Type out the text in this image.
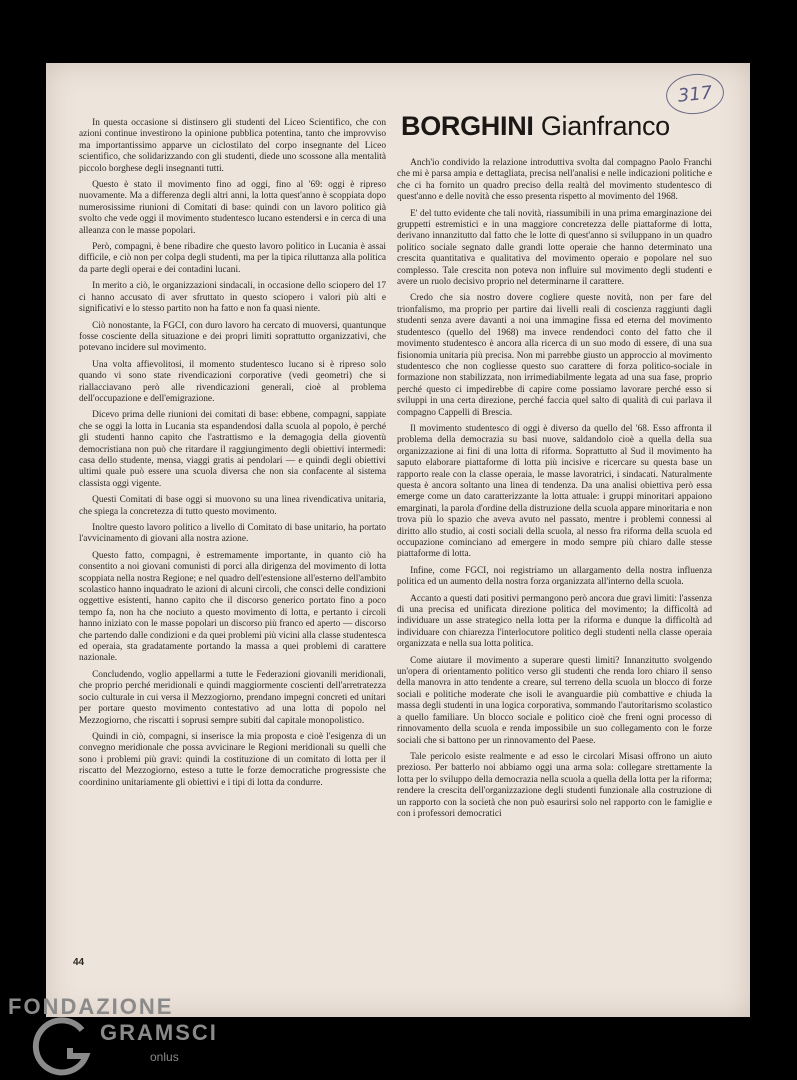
317

In questa occasione si distinsero gli studenti del Liceo Scientifico, che con azioni continue investirono la opinione pubblica potentina, tanto che improvviso ma importantissimo apparve un ciclostilato del corpo insegnante del Liceo scientifico, che solidarizzando con gli studenti, diede uno scossone alla mentalità piccolo borghese degli insegnanti tutti.

Questo è stato il movimento fino ad oggi, fino al '69: oggi è ripreso nuovamente. Ma a differenza degli altri anni, la lotta quest'anno è scoppiata dopo numerosissime riunioni di Comitati di base: quindi con un lavoro politico già svolto che vede oggi il movimento studentesco lucano estendersi e in cerca di una alleanza con le masse popolari.

Però, compagni, è bene ribadire che questo lavoro politico in Lucania è assai difficile, e ciò non per colpa degli studenti, ma per la tipica riluttanza alla politica da parte degli operai e dei contadini lucani.

In merito a ciò, le organizzazioni sindacali, in occasione dello sciopero del 17 ci hanno accusato di aver sfruttato in questo sciopero i valori più alti e significativi e lo stesso partito non ha fatto e non fa quasi niente.

Ciò nonostante, la FGCI, con duro lavoro ha cercato di muoversi, quantunque fosse cosciente della situazione e dei propri limiti soprattutto organizzativi, che potevano incidere sul movimento.

Una volta affievolitosi, il momento studentesco lucano si è ripreso solo quando vi sono state rivendicazioni corporative (vedi geometri) che si riallacciavano però alle rivendicazioni generali, cioè al problema dell'occupazione e dell'emigrazione.

Dicevo prima delle riunioni dei comitati di base: ebbene, compagni, sappiate che se oggi la lotta in Lucania sta espandendosi dalla scuola al popolo, è perché gli studenti hanno capito che l'astrattismo e la demagogia della gioventù democristiana non può che ritardare il raggiungimento degli obiettivi intermedi: casa dello studente, mensa, viaggi gratis ai pendolari — e quindi degli obiettivi ultimi quale può essere una scuola diversa che non sia confacente al sistema classista oggi vigente.

Questi Comitati di base oggi si muovono su una linea rivendicativa unitaria, che spiega la concretezza di tutto questo movimento.

Inoltre questo lavoro politico a livello di Comitato di base unitario, ha portato l'avvicinamento di giovani alla nostra azione.

Questo fatto, compagni, è estremamente importante, in quanto ciò ha consentito a noi giovani comunisti di porci alla dirigenza del movimento di lotta scoppiata nella nostra Regione; e nel quadro dell'estensione all'esterno dell'ambito scolastico hanno inquadrato le azioni di alcuni circoli, che consci delle condizioni oggettive esistenti, hanno capito che il discorso generico portato fino a poco tempo fa, non ha che nociuto a questo movimento di lotta, e pertanto i circoli hanno iniziato con le masse popolari un discorso più franco ed aperto — discorso che partendo dalle condizioni e da quei problemi più vicini alla classe studentesca ed operaia, sta gradatamente portando la massa a quei problemi di carattere nazionale.

Concludendo, voglio appellarmi a tutte le Federazioni giovanili meridionali, che proprio perché meridionali e quindi maggiormente coscienti dell'arretratezza socio culturale in cui versa il Mezzogiorno, prendano impegni concreti ed unitari per portare questo movimento contestativo ad una lotta di popolo nel Mezzogiorno, che riscatti i soprusi sempre subiti dal capitale monopolistico.

Quindi in ciò, compagni, si inserisce la mia proposta e cioè l'esigenza di un convegno meridionale che possa avvicinare le Regioni meridionali su quelli che sono i problemi più gravi: quindi la costituzione di un comitato di lotta per il riscatto del Mezzogiorno, esteso a tutte le forze democratiche progressiste che coordinino unitariamente gli obiettivi e i tipi di lotta da condurre.

BORGHINI Gianfranco

Anch'io condivido la relazione introduttiva svolta dal compagno Paolo Franchi che mi è parsa ampia e dettagliata, precisa nell'analisi e nelle indicazioni politiche e che ci ha fornito un quadro preciso della realtà del movimento studentesco di quest'anno e delle novità che esso presenta rispetto al movimento del 1968.

E' del tutto evidente che tali novità, riassumibili in una prima emarginazione dei gruppetti estremistici e in una maggiore concretezza delle piattaforme di lotta, derivano innanzitutto dal fatto che le lotte di quest'anno si sviluppano in un quadro politico sociale segnato dalle grandi lotte operaie che hanno determinato una crescita quantitativa e qualitativa del movimento operaio e popolare nel suo complesso. Tale crescita non poteva non influire sul movimento degli studenti e avere un ruolo decisivo proprio nel determinarne il carattere.

Credo che sia nostro dovere cogliere queste novità, non per fare del trionfalismo, ma proprio per partire dai livelli reali di coscienza raggiunti dagli studenti senza avere davanti a noi una immagine fissa ed eterna del movimento studentesco (quello del 1968) ma invece rendendoci conto del fatto che il movimento studentesco è ancora alla ricerca di un suo modo di essere, di una sua fisionomia unitaria più precisa. Non mi parrebbe giusto un approccio al movimento studentesco che non cogliesse questo suo carattere di forza politico-sociale in formazione non stabilizzata, non irrimediabilmente legata ad una sua fase, proprio perché questo ci impedirebbe di capire come possiamo lavorare perché esso si sviluppi in una certa direzione, perché faccia quel salto di qualità di cui parlava il compagno Cappelli di Brescia.

Il movimento studentesco di oggi è diverso da quello del '68. Esso affronta il problema della democrazia su basi nuove, saldandolo cioè a quella della sua organizzazione ai fini di una lotta di riforma. Soprattutto al Sud il movimento ha saputo elaborare piattaforme di lotta più incisive e ricercare su questa base un rapporto reale con la classe operaia, le masse lavoratrici, i sindacati. Naturalmente questa è ancora soltanto una linea di tendenza. Da una analisi obiettiva però essa emerge come un dato caratterizzante la lotta attuale: i gruppi minoritari appaiono emarginati, la parola d'ordine della distruzione della scuola appare minoritaria e non trova più lo spazio che aveva avuto nel passato, mentre i problemi connessi al diritto allo studio, ai costi sociali della scuola, al nesso fra riforma della scuola ed occupazione cominciano ad emergere in modo sempre più chiaro dalle stesse piattaforme di lotta.

Infine, come FGCI, noi registriamo un allargamento della nostra influenza politica ed un aumento della nostra forza organizzata all'interno della scuola.

Accanto a questi dati positivi permangono però ancora due gravi limiti: l'assenza di una precisa ed unificata direzione politica del movimento; la difficoltà ad individuare un asse strategico nella lotta per la riforma e dunque la difficoltà ad individuare con chiarezza l'interlocutore politico degli studenti nella classe operaia organizzata e nella sua lotta politica.

Come aiutare il movimento a superare questi limiti? Innanzitutto svolgendo un'opera di orientamento politico verso gli studenti che renda loro chiaro il senso della manovra in atto tendente a creare, sul terreno della scuola un blocco di forze sociali e politiche moderate che isoli le avanguardie più combattive e chiuda la massa degli studenti in una logica corporativa, sommando l'autoritarismo scolastico a quello familiare. Un blocco sociale e politico cioè che freni ogni processo di rinnovamento della scuola e renda impossibile un suo collegamento con le forze sociali che si battono per un rinnovamento del Paese.

Tale pericolo esiste realmente e ad esso le circolari Misasi offrono un aiuto prezioso. Per batterlo noi abbiamo oggi una arma sola: collegare strettamente la lotta per lo sviluppo della democrazia nella scuola a quella della lotta per la riforma; rendere la crescita dell'organizzazione degli studenti funzionale alla costruzione di un rapporto con la società che non può esaurirsi solo nel rapporto con le famiglie e con i professori democratici

44
FONDAZIONE
GRAMSCI
onlus
